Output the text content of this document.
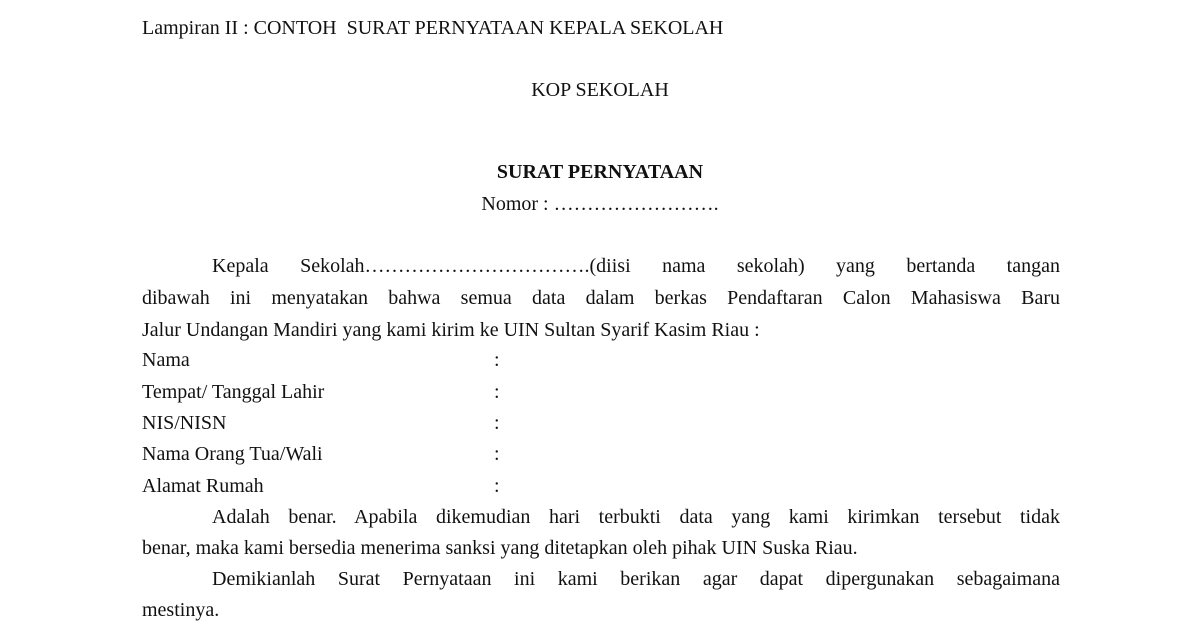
Lampiran II : CONTOH  SURAT PERNYATAAN KEPALA SEKOLAH
KOP SEKOLAH
SURAT PERNYATAAN
Nomor : …………………….
Kepala Sekolah…………………………….(diisi nama sekolah) yang bertanda tangan
dibawah ini menyatakan bahwa semua data dalam berkas Pendaftaran Calon Mahasiswa Baru
Jalur Undangan Mandiri yang kami kirim ke UIN Sultan Syarif Kasim Riau :
Nama	:
Tempat/ Tanggal Lahir	:
NIS/NISN	:
Nama Orang Tua/Wali	:
Alamat Rumah	:
Adalah benar. Apabila dikemudian hari terbukti data yang kami kirimkan tersebut tidak
benar, maka kami bersedia menerima sanksi yang ditetapkan oleh pihak UIN Suska Riau.
Demikianlah Surat Pernyataan ini kami berikan agar dapat dipergunakan sebagaimana
mestinya.
